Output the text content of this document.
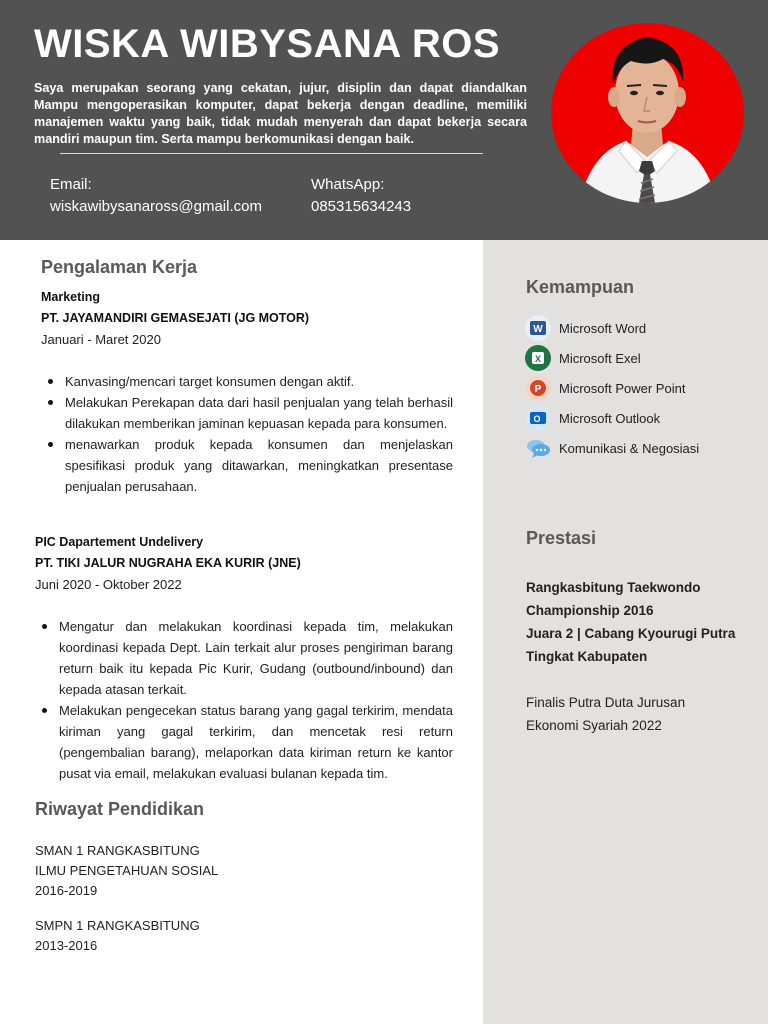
WISKA WIBYSANA ROS
Saya merupakan seorang yang cekatan, jujur, disiplin dan dapat diandalkan Mampu mengoperasikan komputer, dapat bekerja dengan deadline, memiliki manajemen waktu yang baik, tidak mudah menyerah dan dapat bekerja secara mandiri maupun tim. Serta mampu berkomunikasi dengan baik.
Email:
wiskawibysanaross@gmail.com
WhatsApp:
085315634243
Pengalaman Kerja
Marketing
PT. JAYAMANDIRI GEMASEJATI (JG MOTOR)
Januari - Maret 2020
Kanvasing/mencari target konsumen dengan aktif.
Melakukan Perekapan data dari hasil penjualan yang telah berhasil dilakukan memberikan jaminan kepuasan kepada para konsumen.
menawarkan produk kepada konsumen dan menjelaskan spesifikasi produk yang ditawarkan, meningkatkan presentase penjualan perusahaan.
PIC Dapartement Undelivery
PT. TIKI JALUR NUGRAHA EKA KURIR (JNE)
Juni 2020 - Oktober 2022
Mengatur dan melakukan koordinasi kepada tim, melakukan koordinasi kepada Dept. Lain terkait alur proses pengiriman barang return baik itu kepada Pic Kurir, Gudang (outbound/inbound) dan kepada atasan terkait.
Melakukan pengecekan status barang yang gagal terkirim, mendata kiriman yang gagal terkirim, dan mencetak resi return (pengembalian barang), melaporkan data kiriman return ke kantor pusat via email, melakukan evaluasi bulanan kepada tim.
Riwayat Pendidikan
SMAN 1 RANGKASBITUNG
ILMU PENGETAHUAN SOSIAL
2016-2019
SMPN 1 RANGKASBITUNG
2013-2016
Kemampuan
W Microsoft Word
X Microsoft Exel
P Microsoft Power Point
O Microsoft Outlook
Komunikasi & Negosiasi
Prestasi
Rangkasbitung Taekwondo
Championship 2016
Juara 2 | Cabang Kyourugi Putra
Tingkat Kabupaten
Finalis Putra Duta Jurusan
Ekonomi Syariah 2022
